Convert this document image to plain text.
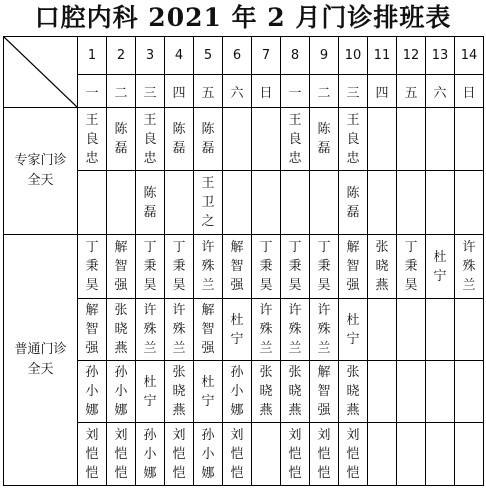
口腔内科 2021 年 2 月门诊排班表
	1	2	3	4	5	6	7	8	9	10	11	12	13	14
	一	二	三	四	五	六	日	一	二	三	四	五	六	日
专家门诊
全天	王良忠	陈磊	王良忠	陈磊	陈磊			王良忠	陈磊	王良忠				
			陈磊		王卫之					陈磊				
普通门诊
全天	丁秉昊	解智强	丁秉昊	丁秉昊	许殊兰	解智强	丁秉昊	丁秉昊	丁秉昊	解智强	张晓燕	丁秉昊	杜宁	许殊兰
	解智强	张晓燕	许殊兰	许殊兰	解智强	杜宁	许殊兰	许殊兰	许殊兰	杜宁				
	孙小娜	孙小娜	杜宁	张晓燕	杜宁	孙小娜	张晓燕	张晓燕	解智强	张晓燕				
	刘恺恺	刘恺恺	孙小娜	刘恺恺	孙小娜	刘恺恺		刘恺恺	刘恺恺	刘恺恺				
